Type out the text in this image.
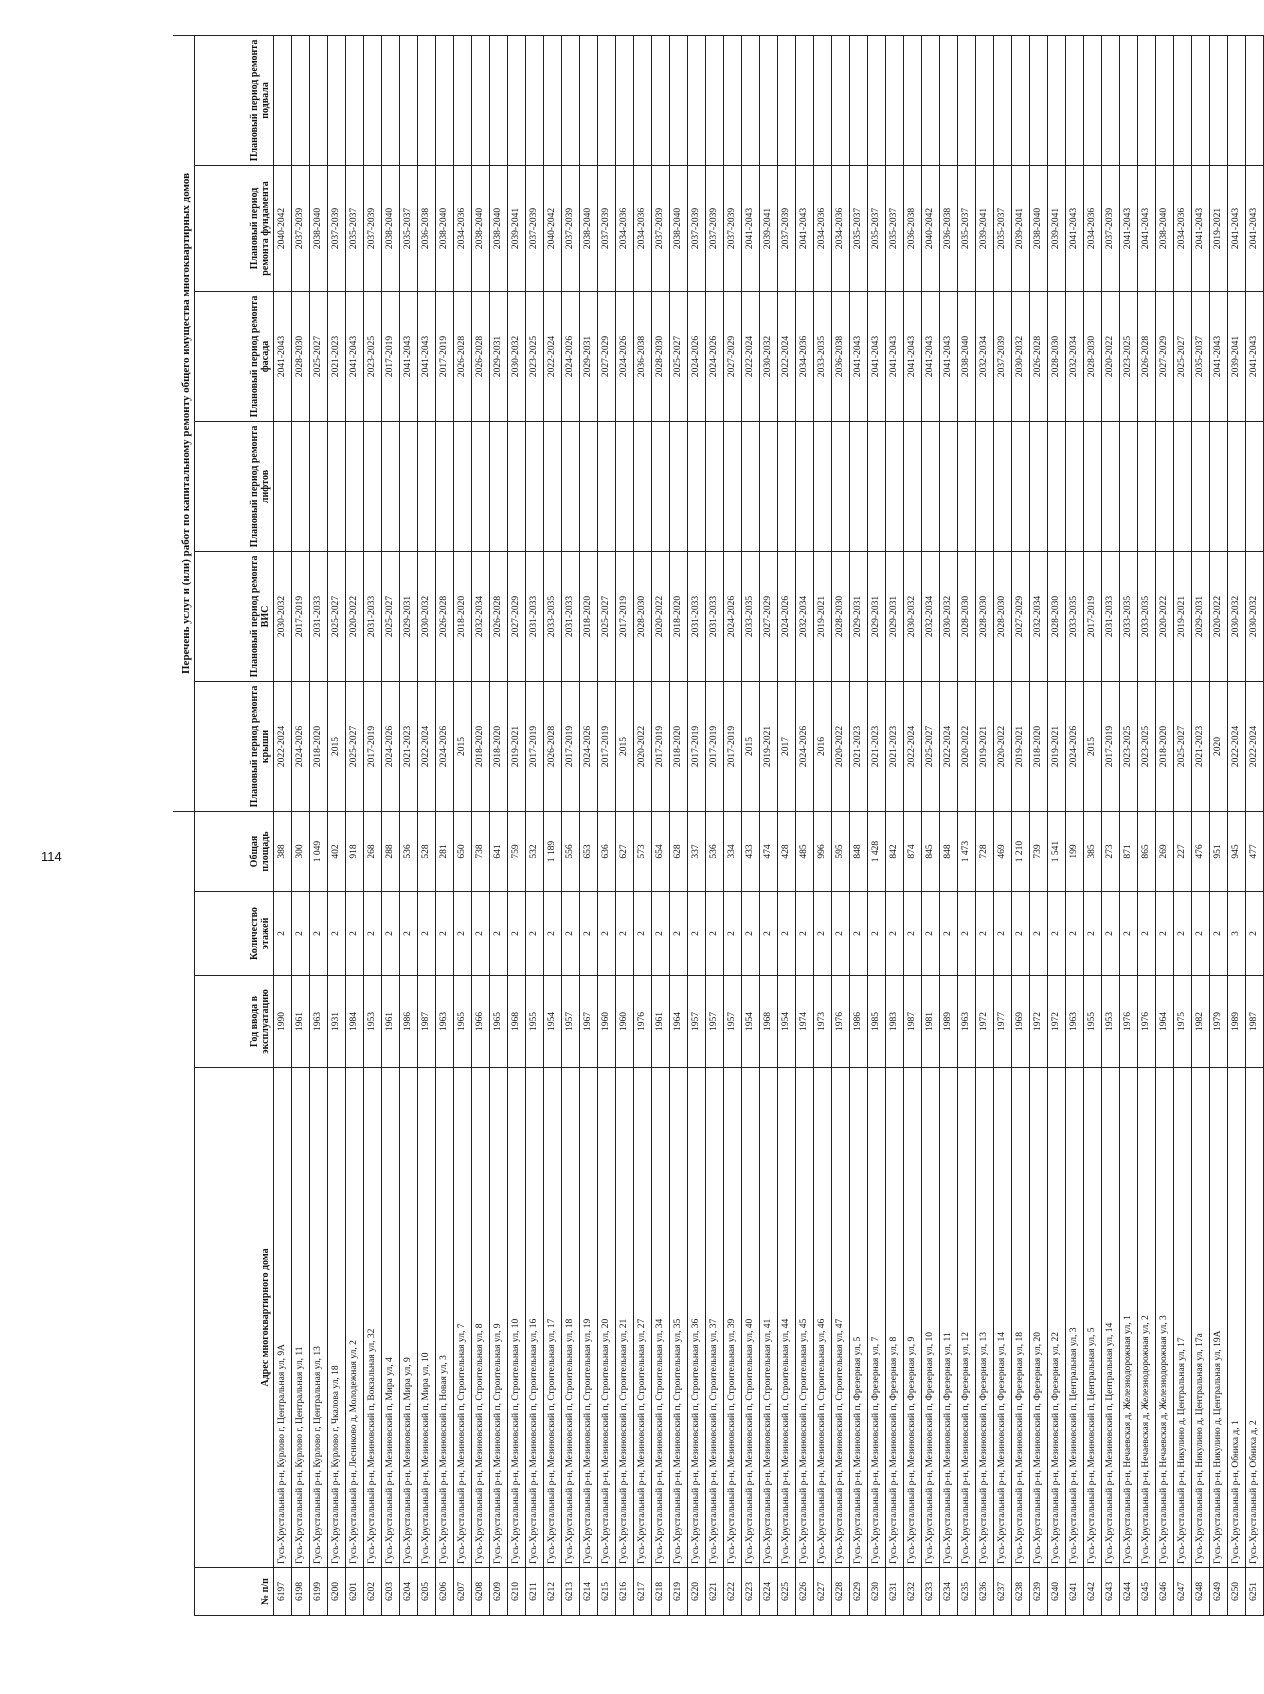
114
					Перечень услуг и (или) работ по капитальному ремонту общего имущества многоквартирных домов					
№ п/п	Адрес многоквартирного дома	Год ввода в эксплуатацию	Количество этажей	Общая площадь	Плановый период ремонта крыши	Плановый период ремонта ВИС	Плановый период ремонта лифтов	Плановый период ремонта фасада	Плановый период ремонта фундамента	Плановый период ремонта подвала
6197	Гусь-Хрустальный р-н, Курлово г, Центральная ул, 9А	1990	2	388	2022-2024	2030-2032		2041-2043	2040-2042	
6198	Гусь-Хрустальный р-н, Курлово г, Центральная ул, 11	1961	2	300	2024-2026	2017-2019		2028-2030	2037-2039	
6199	Гусь-Хрустальный р-н, Курлово г, Центральная ул, 13	1963	2	1 049	2018-2020	2031-2033		2025-2027	2038-2040	
6200	Гусь-Хрустальный р-н, Курлово г, Чкалова ул, 18	1931	2	402	2015	2025-2027		2021-2023	2037-2039	
6201	Гусь-Хрустальный р-н, Лесниково д, Молодежная ул, 2	1984	2	918	2025-2027	2020-2022		2041-2043	2035-2037	
6202	Гусь-Хрустальный р-н, Мезиновский п, Вокзальная ул, 32	1953	2	268	2017-2019	2031-2033		2023-2025	2037-2039	
6203	Гусь-Хрустальный р-н, Мезиновский п, Мира ул, 4	1961	2	288	2024-2026	2025-2027		2017-2019	2038-2040	
6204	Гусь-Хрустальный р-н, Мезиновский п, Мира ул, 9	1986	2	536	2021-2023	2029-2031		2041-2043	2035-2037	
6205	Гусь-Хрустальный р-н, Мезиновский п, Мира ул, 10	1987	2	528	2022-2024	2030-2032		2041-2043	2036-2038	
6206	Гусь-Хрустальный р-н, Мезиновский п, Новая ул, 3	1963	2	281	2024-2026	2026-2028		2017-2019	2038-2040	
6207	Гусь-Хрустальный р-н, Мезиновский п, Строительная ул, 7	1965	2	650	2015	2018-2020		2026-2028	2034-2036	
6208	Гусь-Хрустальный р-н, Мезиновский п, Строительная ул, 8	1966	2	738	2018-2020	2032-2034		2026-2028	2038-2040	
6209	Гусь-Хрустальный р-н, Мезиновский п, Строительная ул, 9	1965	2	641	2018-2020	2026-2028		2029-2031	2038-2040	
6210	Гусь-Хрустальный р-н, Мезиновский п, Строительная ул, 10	1968	2	759	2019-2021	2027-2029		2030-2032	2039-2041	
6211	Гусь-Хрустальный р-н, Мезиновский п, Строительная ул, 16	1955	2	532	2017-2019	2031-2033		2023-2025	2037-2039	
6212	Гусь-Хрустальный р-н, Мезиновский п, Строительная ул, 17	1954	2	1 189	2026-2028	2033-2035		2022-2024	2040-2042	
6213	Гусь-Хрустальный р-н, Мезиновский п, Строительная ул, 18	1957	2	556	2017-2019	2031-2033		2024-2026	2037-2039	
6214	Гусь-Хрустальный р-н, Мезиновский п, Строительная ул, 19	1967	2	653	2024-2026	2018-2020		2029-2031	2038-2040	
6215	Гусь-Хрустальный р-н, Мезиновский п, Строительная ул, 20	1960	2	636	2017-2019	2025-2027		2027-2029	2037-2039	
6216	Гусь-Хрустальный р-н, Мезиновский п, Строительная ул, 21	1960	2	627	2015	2017-2019		2024-2026	2034-2036	
6217	Гусь-Хрустальный р-н, Мезиновский п, Строительная ул, 27	1976	2	573	2020-2022	2028-2030		2036-2038	2034-2036	
6218	Гусь-Хрустальный р-н, Мезиновский п, Строительная ул, 34	1961	2	654	2017-2019	2020-2022		2028-2030	2037-2039	
6219	Гусь-Хрустальный р-н, Мезиновский п, Строительная ул, 35	1964	2	628	2018-2020	2018-2020		2025-2027	2038-2040	
6220	Гусь-Хрустальный р-н, Мезиновский п, Строительная ул, 36	1957	2	337	2017-2019	2031-2033		2024-2026	2037-2039	
6221	Гусь-Хрустальный р-н, Мезиновский п, Строительная ул, 37	1957	2	536	2017-2019	2031-2033		2024-2026	2037-2039	
6222	Гусь-Хрустальный р-н, Мезиновский п, Строительная ул, 39	1957	2	334	2017-2019	2024-2026		2027-2029	2037-2039	
6223	Гусь-Хрустальный р-н, Мезиновский п, Строительная ул, 40	1954	2	433	2015	2033-2035		2022-2024	2041-2043	
6224	Гусь-Хрустальный р-н, Мезиновский п, Строительная ул, 41	1968	2	474	2019-2021	2027-2029		2030-2032	2039-2041	
6225	Гусь-Хрустальный р-н, Мезиновский п, Строительная ул, 44	1954	2	428	2017	2024-2026		2022-2024	2037-2039	
6226	Гусь-Хрустальный р-н, Мезиновский п, Строительная ул, 45	1974	2	485	2024-2026	2032-2034		2034-2036	2041-2043	
6227	Гусь-Хрустальный р-н, Мезиновский п, Строительная ул, 46	1973	2	996	2016	2019-2021		2033-2035	2034-2036	
6228	Гусь-Хрустальный р-н, Мезиновский п, Строительная ул, 47	1976	2	595	2020-2022	2028-2030		2036-2038	2034-2036	
6229	Гусь-Хрустальный р-н, Мезиновский п, Фрезерная ул, 5	1986	2	848	2021-2023	2029-2031		2041-2043	2035-2037	
6230	Гусь-Хрустальный р-н, Мезиновский п, Фрезерная ул, 7	1985	2	1 428	2021-2023	2029-2031		2041-2043	2035-2037	
6231	Гусь-Хрустальный р-н, Мезиновский п, Фрезерная ул, 8	1983	2	842	2021-2023	2029-2031		2041-2043	2035-2037	
6232	Гусь-Хрустальный р-н, Мезиновский п, Фрезерная ул, 9	1987	2	874	2022-2024	2030-2032		2041-2043	2036-2038	
6233	Гусь-Хрустальный р-н, Мезиновский п, Фрезерная ул, 10	1981	2	845	2025-2027	2032-2034		2041-2043	2040-2042	
6234	Гусь-Хрустальный р-н, Мезиновский п, Фрезерная ул, 11	1989	2	848	2022-2024	2030-2032		2041-2043	2036-2038	
6235	Гусь-Хрустальный р-н, Мезиновский п, Фрезерная ул, 12	1963	2	1 473	2020-2022	2028-2030		2038-2040	2035-2037	
6236	Гусь-Хрустальный р-н, Мезиновский п, Фрезерная ул, 13	1972	2	728	2019-2021	2028-2030		2032-2034	2039-2041	
6237	Гусь-Хрустальный р-н, Мезиновский п, Фрезерная ул, 14	1977	2	469	2020-2022	2028-2030		2037-2039	2035-2037	
6238	Гусь-Хрустальный р-н, Мезиновский п, Фрезерная ул, 18	1969	2	1 210	2019-2021	2027-2029		2030-2032	2039-2041	
6239	Гусь-Хрустальный р-н, Мезиновский п, Фрезерная ул, 20	1972	2	739	2018-2020	2032-2034		2026-2028	2038-2040	
6240	Гусь-Хрустальный р-н, Мезиновский п, Фрезерная ул, 22	1972	2	1 541	2019-2021	2028-2030		2028-2030	2039-2041	
6241	Гусь-Хрустальный р-н, Мезиновский п, Центральная ул, 3	1963	2	199	2024-2026	2033-2035		2032-2034	2041-2043	
6242	Гусь-Хрустальный р-н, Мезиновский п, Центральная ул, 5	1955	2	385	2015	2017-2019		2028-2030	2034-2036	
6243	Гусь-Хрустальный р-н, Мезиновский п, Центральная ул, 14	1953	2	273	2017-2019	2031-2033		2020-2022	2037-2039	
6244	Гусь-Хрустальный р-н, Нечаевская д, Железнодорожная ул, 1	1976	2	871	2023-2025	2033-2035		2023-2025	2041-2043	
6245	Гусь-Хрустальный р-н, Нечаевская д, Железнодорожная ул, 2	1976	2	865	2023-2025	2033-2035		2026-2028	2041-2043	
6246	Гусь-Хрустальный р-н, Нечаевская д, Железнодорожная ул, 3	1964	2	269	2018-2020	2020-2022		2027-2029	2038-2040	
6247	Гусь-Хрустальный р-н, Никулино д, Центральная ул, 17	1975	2	227	2025-2027	2019-2021		2025-2027	2034-2036	
6248	Гусь-Хрустальный р-н, Никулино д, Центральная ул, 17а	1982	2	476	2021-2023	2029-2031		2035-2037	2041-2043	
6249	Гусь-Хрустальный р-н, Никулино д, Центральная ул, 19А	1979	2	951	2020	2020-2022		2041-2043	2019-2021	
6250	Гусь-Хрустальный р-н, Обниха д, 1	1989	3	945	2022-2024	2030-2032		2039-2041	2041-2043	
6251	Гусь-Хрустальный р-н, Обниха д, 2	1987	2	477	2022-2024	2030-2032		2041-2043	2041-2043	
